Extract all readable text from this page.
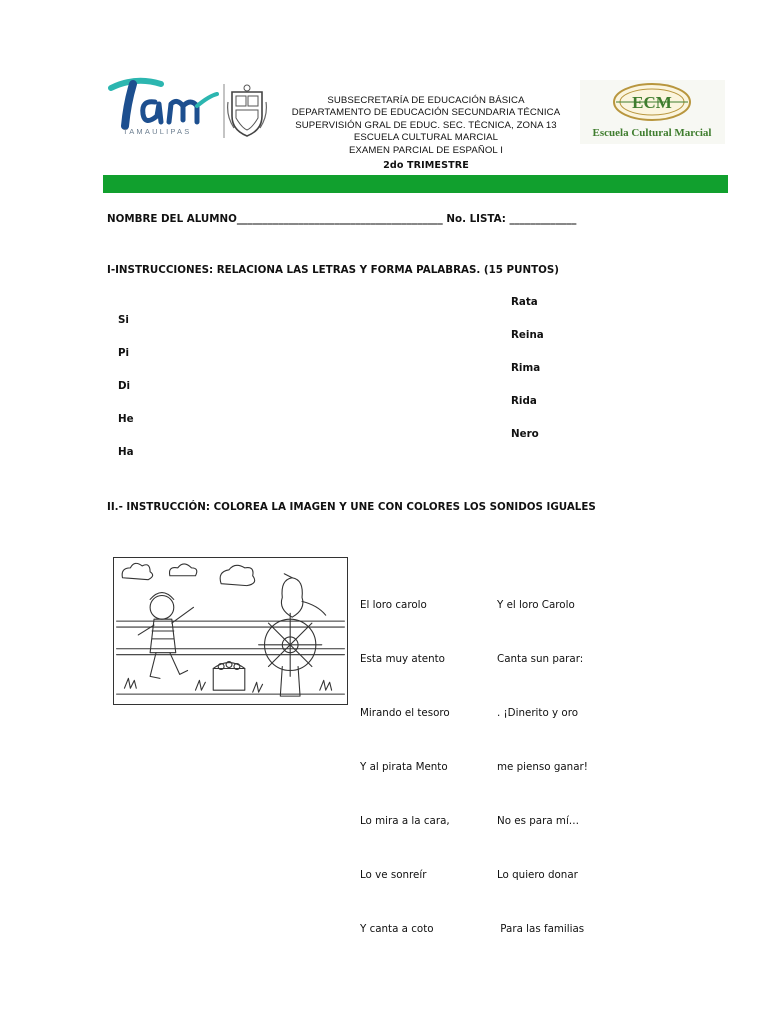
TAMAULIPAS
SUBSECRETARÍA DE EDUCACIÓN BÁSICA
DEPARTAMENTO DE EDUCACIÓN SECUNDARIA TÉCNICA
SUPERVISIÓN GRAL DE EDUC. SEC. TÉCNICA, ZONA 13
ESCUELA CULTURAL MARCIAL
EXAMEN PARCIAL DE ESPAÑOL I
2do TRIMESTRE
ECM
Escuela Cultural Marcial
NOMBRE DEL ALUMNO________________________________________ No. LISTA: _____________
I-INSTRUCCIONES: RELACIONA LAS LETRAS Y FORMA PALABRAS. (15 PUNTOS)
Si
Pi
Di
He
Ha
Rata
Reina
Rima
Rida
Nero
II.- INSTRUCCIÓN: COLOREA LA IMAGEN Y UNE CON COLORES LOS SONIDOS IGUALES

El loro carolo

Esta muy atento

Mirando el tesoro

Y al pirata Mento

Lo mira a la cara,

Lo ve sonreír

Y canta a coto

Y el loro Carolo

Canta sun parar:

. ¡Dinerito y oro

me pienso ganar!

No es para mí…

Lo quiero donar

Para las familias
